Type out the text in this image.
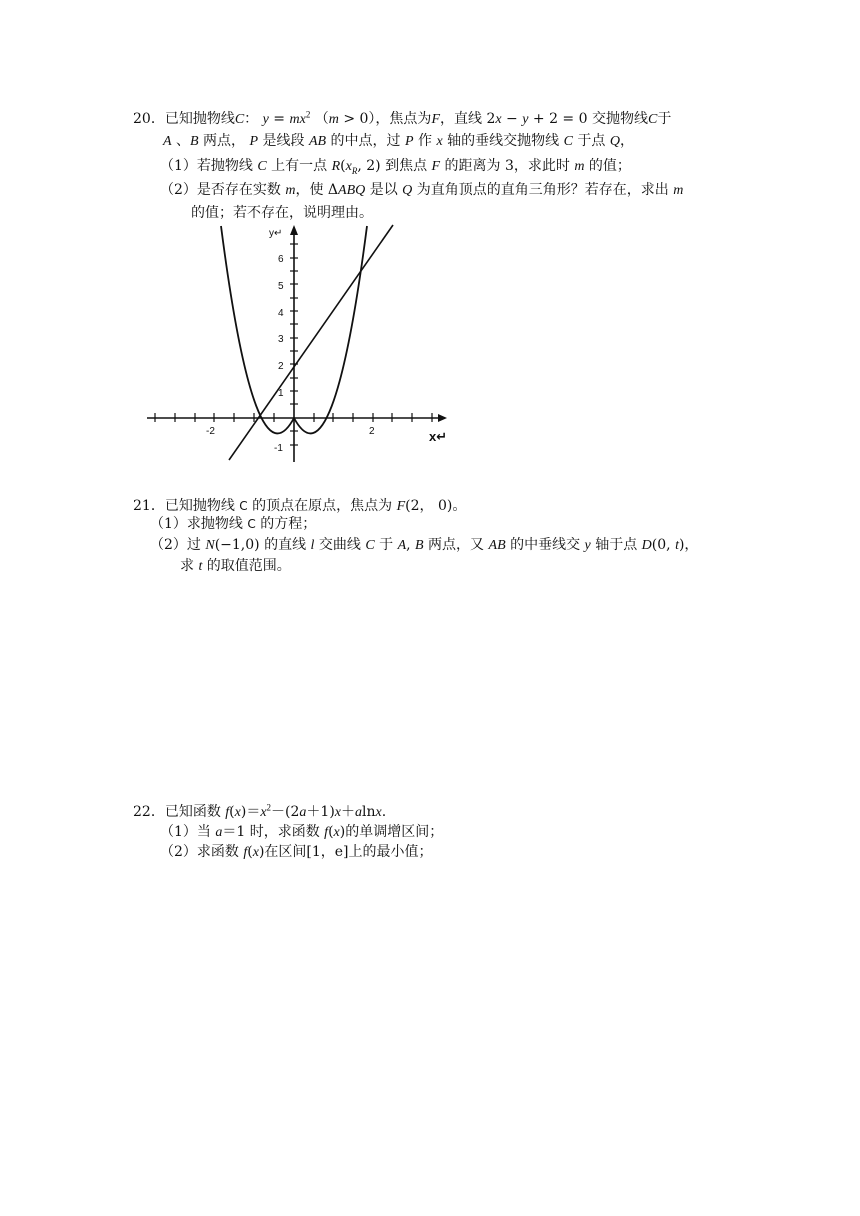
20．已知抛物线C： $y = mx^2$ （m > 0），焦点为F，直线 2x − y + 2 = 0 交抛物线C于
A 、B 两点， P 是线段 AB 的中点，过 P 作 x 轴的垂线交抛物线 C 于点 Q，
（1）若抛物线 C 上有一点 $R(x_R$, 2) 到焦点 F 的距离为 3，求此时 m 的值；
（2）是否存在实数 m，使 ΔABQ 是以 Q 为直角顶点的直角三角形？若存在，求出 m
的值；若不存在，说明理由。
y↵
x↵
6
5
4
3
2
1
-1
-2	2
21．已知抛物线 C 的顶点在原点，焦点为 F(2， 0)。
（1）求抛物线 C 的方程；
（2）过 N(−1,0) 的直线 l 交曲线 C 于 A, B 两点，又 AB 的中垂线交 y 轴于点 D(0, t)，
求 t 的取值范围。
22．已知函数 $f(x)=x^2-(2a+1)x+alnx$.
（1）当 a＝1 时，求函数 f(x)的单调增区间；
（2）求函数 f(x)在区间[1，e]上的最小值；
